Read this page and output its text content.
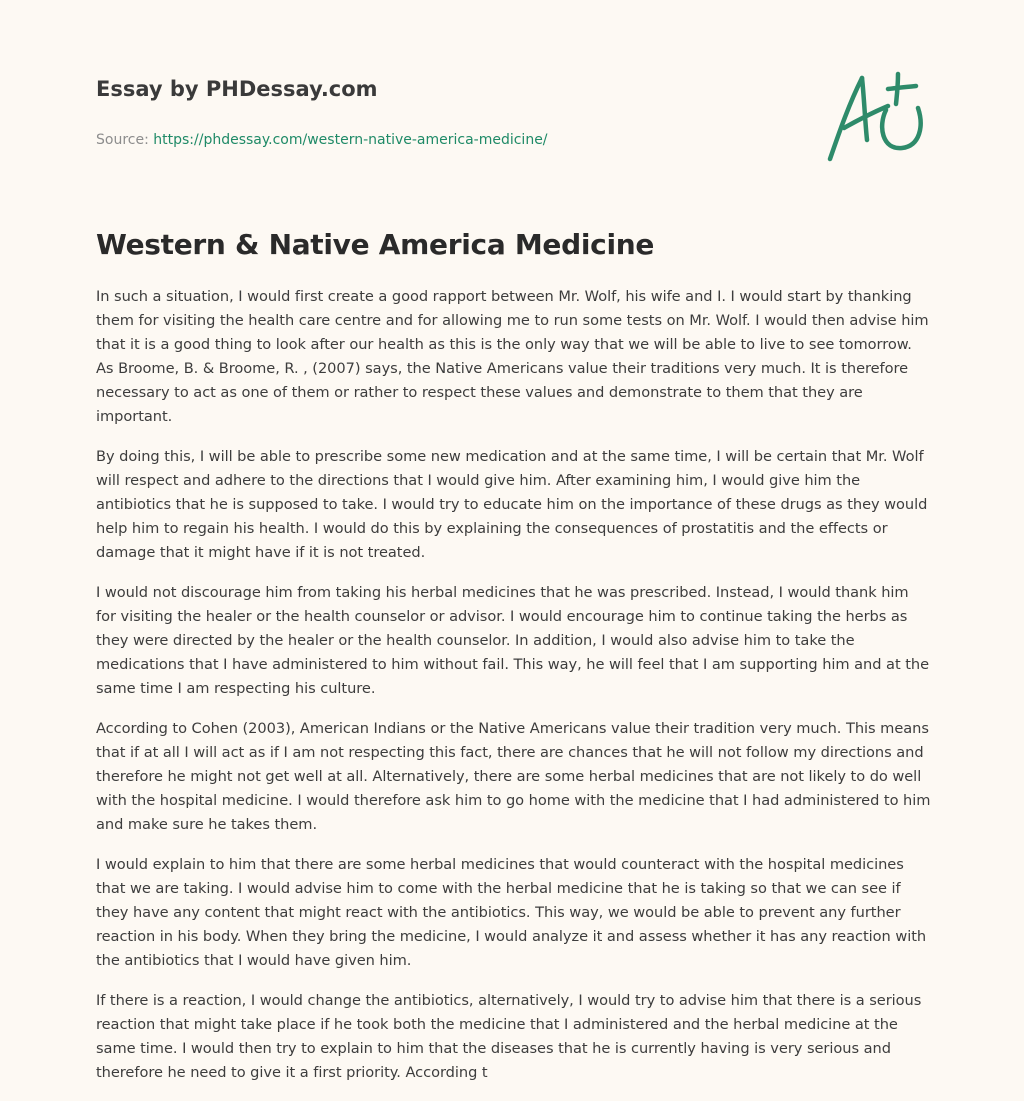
Essay by PHDessay.com
Source: https://phdessay.com/western-native-america-medicine/
Western & Native America Medicine

In such a situation, I would first create a good rapport between Mr. Wolf, his wife and I. I would start by thanking them for visiting the health care centre and for allowing me to run some tests on Mr. Wolf. I would then advise him that it is a good thing to look after our health as this is the only way that we will be able to live to see tomorrow. As Broome, B. & Broome, R. , (2007) says, the Native Americans value their traditions very much. It is therefore necessary to act as one of them or rather to respect these values and demonstrate to them that they are important.

By doing this, I will be able to prescribe some new medication and at the same time, I will be certain that Mr. Wolf will respect and adhere to the directions that I would give him. After examining him, I would give him the antibiotics that he is supposed to take. I would try to educate him on the importance of these drugs as they would help him to regain his health. I would do this by explaining the consequences of prostatitis and the effects or damage that it might have if it is not treated.

I would not discourage him from taking his herbal medicines that he was prescribed. Instead, I would thank him for visiting the healer or the health counselor or advisor. I would encourage him to continue taking the herbs as they were directed by the healer or the health counselor. In addition, I would also advise him to take the medications that I have administered to him without fail. This way, he will feel that I am supporting him and at the same time I am respecting his culture.

According to Cohen (2003), American Indians or the Native Americans value their tradition very much. This means that if at all I will act as if I am not respecting this fact, there are chances that he will not follow my directions and therefore he might not get well at all. Alternatively, there are some herbal medicines that are not likely to do well with the hospital medicine. I would therefore ask him to go home with the medicine that I had administered to him and make sure he takes them.

I would explain to him that there are some herbal medicines that would counteract with the hospital medicines that we are taking. I would advise him to come with the herbal medicine that he is taking so that we can see if they have any content that might react with the antibiotics. This way, we would be able to prevent any further reaction in his body. When they bring the medicine, I would analyze it and assess whether it has any reaction with the antibiotics that I would have given him.

If there is a reaction, I would change the antibiotics, alternatively, I would try to advise him that there is a serious reaction that might take place if he took both the medicine that I administered and the herbal medicine at the same time. I would then try to explain to him that the diseases that he is currently having is very serious and therefore he need to give it a first priority. According t
